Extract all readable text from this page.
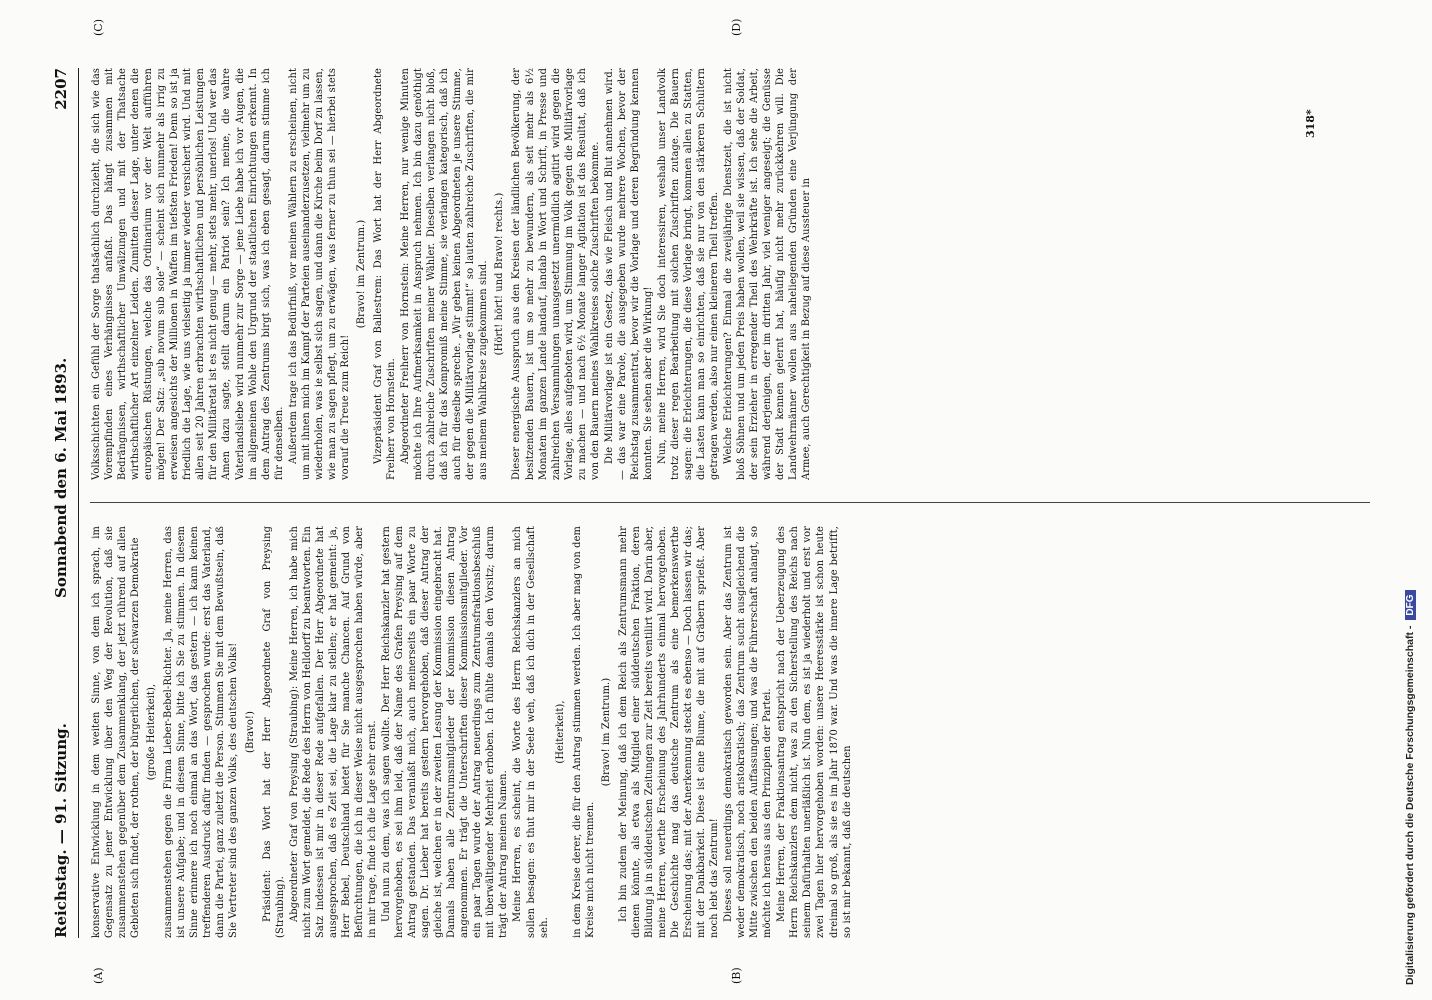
Reichstag. — 91. Sitzung.
Sonnabend den 6. Mai 1893.
2207
(A)	(B)
(C)	(D)

konservative Entwicklung in dem weiten Sinne, von dem ich sprach, im Gegensatz zu jener Entwicklung über den Weg der Revolution, daß sie zusammenstehen gegenüber dem Zusammenklang, der jetzt rührend auf allen Gebieten sich findet, der rothen, der bürgerlichen, der schwarzen Demokratie (große Heiterkeit), zusammenstehen gegen die Firma Lieber-Bebel-Richter. Ja, meine Herren, das ist unsere Aufgabe; und in diesem Sinne, bitte ich Sie zu stimmen. In diesem Sinne erinnere ich noch einmal an das Wort, das gestern — ich kann keinen treffenderen Ausdruck dafür finden — gesprochen wurde: erst das Vaterland, dann die Partei, ganz zuletzt die Person. Stimmen Sie mit dem Bewußtsein, daß Sie Vertreter sind des ganzen Volks, des deutschen Volks! (Bravo!) Präsident: Das Wort hat der Herr Abgeordnete Graf von Preysing (Straubing). Abgeordneter Graf von Preysing (Straubing): Meine Herren, ich habe mich nicht zum Wort gemeldet, die Rede des Herrn von Helldorff zu beantworten. Ein Satz indessen ist mir in dieser Rede aufgefallen. Der Herr Abgeordnete hat ausgesprochen, daß es Zeit sei, die Lage klar zu stellen; er hat gemeint: ja, Herr Bebel, Deutschland bietet für Sie manche Chancen. Auf Grund von Befürchtungen, die ich in dieser Weise nicht ausgesprochen haben würde, aber in mir trage, finde ich die Lage sehr ernst. Und nun zu dem, was ich sagen wollte. Der Herr Reichskanzler hat gestern hervorgehoben, es sei ihm leid, daß der Name des Grafen Preysing auf dem Antrag gestanden. Das veranlaßt mich, auch meinerseits ein paar Worte zu sagen. Dr. Lieber hat bereits gestern hervorgehoben, daß dieser Antrag der gleiche ist, welchen er in der zweiten Lesung der Kommission eingebracht hat. Damals haben alle Zentrumsmitglieder der Kommission diesen Antrag angenommen. Er trägt die Unterschriften dieser Kommissionsmitglieder. Vor ein paar Tagen wurde der Antrag neuerdings zum Zentrumsfraktionsbeschluß mit überwältigender Mehrheit erhoben. Ich fühlte damals den Vorsitz; darum trägt der Antrag meinen Namen. Meine Herren, es scheint, die Worte des Herrn Reichskanzlers an mich sollen besagen: es thut mir in der Seele weh, daß ich dich in der Gesellschaft seh.

(Heiterkeit), in dem Kreise derer, die für den Antrag stimmen werden. Ich aber mag von dem Kreise mich nicht trennen.

(Bravo! im Zentrum.) Ich bin zudem der Meinung, daß ich dem Reich als Zentrumsmann mehr dienen könnte, als etwa als Mitglied einer süddeutschen Fraktion, deren Bildung ja in süddeutschen Zeitungen zur Zeit bereits ventilirt wird. Darin aber, meine Herren, werthe Erscheinung des Jahrhunderts einmal hervorgehoben. Die Geschichte mag das deutsche Zentrum als eine bemerkenswerthe Erscheinung das; mit der Anerkennung steckt es ebenso — Doch lassen wir das; mit der Dankbarkeit. Diese ist eine Blume, die mit auf Gräbern sprießt. Aber noch lebt das Zentrum! Dieses soll neuerdings demokratisch geworden sein. Aber das Zentrum ist weder demokratisch, noch aristokratisch; das Zentrum sucht ausgleichend die Mitte zwischen den beiden Auffassungen; und was die Führerschaft anlangt, so möchte ich heraus aus den Prinzipien der Partei. Meine Herren, der Fraktionsantrag entspricht nach der Ueberzeugung des Herrn Reichskanzlers dem nicht, was zu den Sicherstellung des Reichs nach seinem Dafürhalten unerläßlich ist. Nun dem, es ist ja wiederholt und erst vor zwei Tagen hier hervorgehoben worden: unsere Heeresstärke ist schon heute dreimal so groß, als sie es im Jahr 1870 war. Und was die innere Lage betrifft, so ist mir bekannt, daß die deutschen

Volksschichten ein Gefühl der Sorge thatsächlich durchzieht, die sich wie das Vorempfinden eines Verhängnisses anfaßt. Das hängt zusammen mit Bedrängnissen, wirthschaftlicher Umwälzungen und mit der Thatsache wirthschaftlicher Art einzelner Leiden. Zumitten dieser Lage, unter denen die europäischen Rüstungen, welche das Ordinarium vor der Welt aufführen mögen! Der Satz: „sub novum sub sole“ — scheint sich nunmehr als irrig zu erweisen angesichts der Millionen in Waffen im tiefsten Frieden! Denn so ist ja friedlich die Lage, wie uns vielseitig ja immer wieder versichert wird. Und mit allen seit 20 Jahren erbrachten wirthschaftlichen und persönlichen Leistungen für den Militäretat ist es nicht genug — mehr, stets mehr, unerlos! Und wer das Amen dazu sagte, stellt darum ein Patriot sein? Ich meine, die wahre Vaterlandsliebe wird nunmehr zur Sorge — jene Liebe habe ich vor Augen, die im allgemeinen Wohle den Urgrund der staatlichen Einrichtungen erkennt. In dem Antrag des Zentrums birgt sich, was ich eben gesagt, darum stimme ich für denselben. Außerdem trage ich das Bedürfniß, vor meinen Wählern zu erscheinen, nicht um mit ihnen mich im Kampf der Parteien auseinanderzusetzen, vielmehr um zu wiederholen, was ie selbst sich sagen, und dann die Kirche beim Dorf zu lassen, wie man zu sagen pflegt, um zu erwägen, was ferner zu thun sei — hierbei stets vorauf die Treue zum Reich!

(Bravo! im Zentrum.) Vizepräsident Graf von Ballestrem: Das Wort hat der Herr Abgeordnete Freiherr von Hornstein. Abgeordneter Freiherr von Hornstein: Meine Herren, nur wenige Minuten möchte ich Ihre Aufmerksamkeit in Anspruch nehmen. Ich bin dazu genöthigt durch zahlreiche Zuschriften meiner Wähler. Dieselben verlangen nicht bloß, daß ich für das Kompromiß meine Stimme, sie verlangen kategorisch, daß ich auch für dieselbe spreche. „Wir geben keinen Abgeordneten je unsere Stimme, der gegen die Militärvorlage stimmt!“ so lauten zahlreiche Zuschriften, die mir aus meinem Wahlkreise zugekommen sind. (Hört! hört! und Bravo! rechts.) Dieser energische Ausspruch aus den Kreisen der ländlichen Bevölkerung, der besitzenden Bauern, ist um so mehr zu bewundern, als seit mehr als 6½ Monaten im ganzen Lande landauf, landab in Wort und Schrift, in Presse und zahlreichen Versammlungen unausgesetzt unermüdlich agitirt wird gegen die Vorlage, alles aufgeboten wird, um Stimmung im Volk gegen die Militärvorlage zu machen — und nach 6½ Monate langer Agitation ist das Resultat, daß ich von den Bauern meines Wahlkreises solche Zuschriften bekomme. Die Militärvorlage ist ein Gesetz, das wie Fleisch und Blut annehmen wird. — das war eine Parole, die ausgegeben wurde mehrere Wochen, bevor der Reichstag zusammentrat, bevor wir die Vorlage und deren Begründung kennen konnten. Sie sehen aber die Wirkung! Nun, meine Herren, wird Sie doch interessiren, weshalb unser Landvolk trotz dieser regen Bearbeitung mit solchen Zuschriften zutage. Die Bauern sagen: die Erleichterungen, die diese Vorlage bringt, kommen allen zu Statten, die Lasten kann man so einrichten, daß sie nur von den stärkeren Schultern getragen werden, also nur einen kleineren Theil treffen. Welche Erleichterungen? Einmal die zweijährige Dienstzeit, die ist nicht bloß Söhnen und um jeden Preis haben wollen, weil sie wissen, daß der Soldat, der sein Erzieher in erregender Theil des Wehrkräfte ist. Ich sehe die Arbeit, während derjenigen, der im dritten Jahr, viel weniger angeseigt; die Genüsse der Stadt kennen gelernt hat, häufig nicht mehr zurückkehren will. Die Landwehrmänner wollen aus naheliegenden Gründen eine Verjüngung der Armee, auch Gerechtigkeit in Bezug auf diese Aussteuer in

318*
Digitalisierung gefördert durch die Deutsche Forschungsgemeinschaft -DFG
